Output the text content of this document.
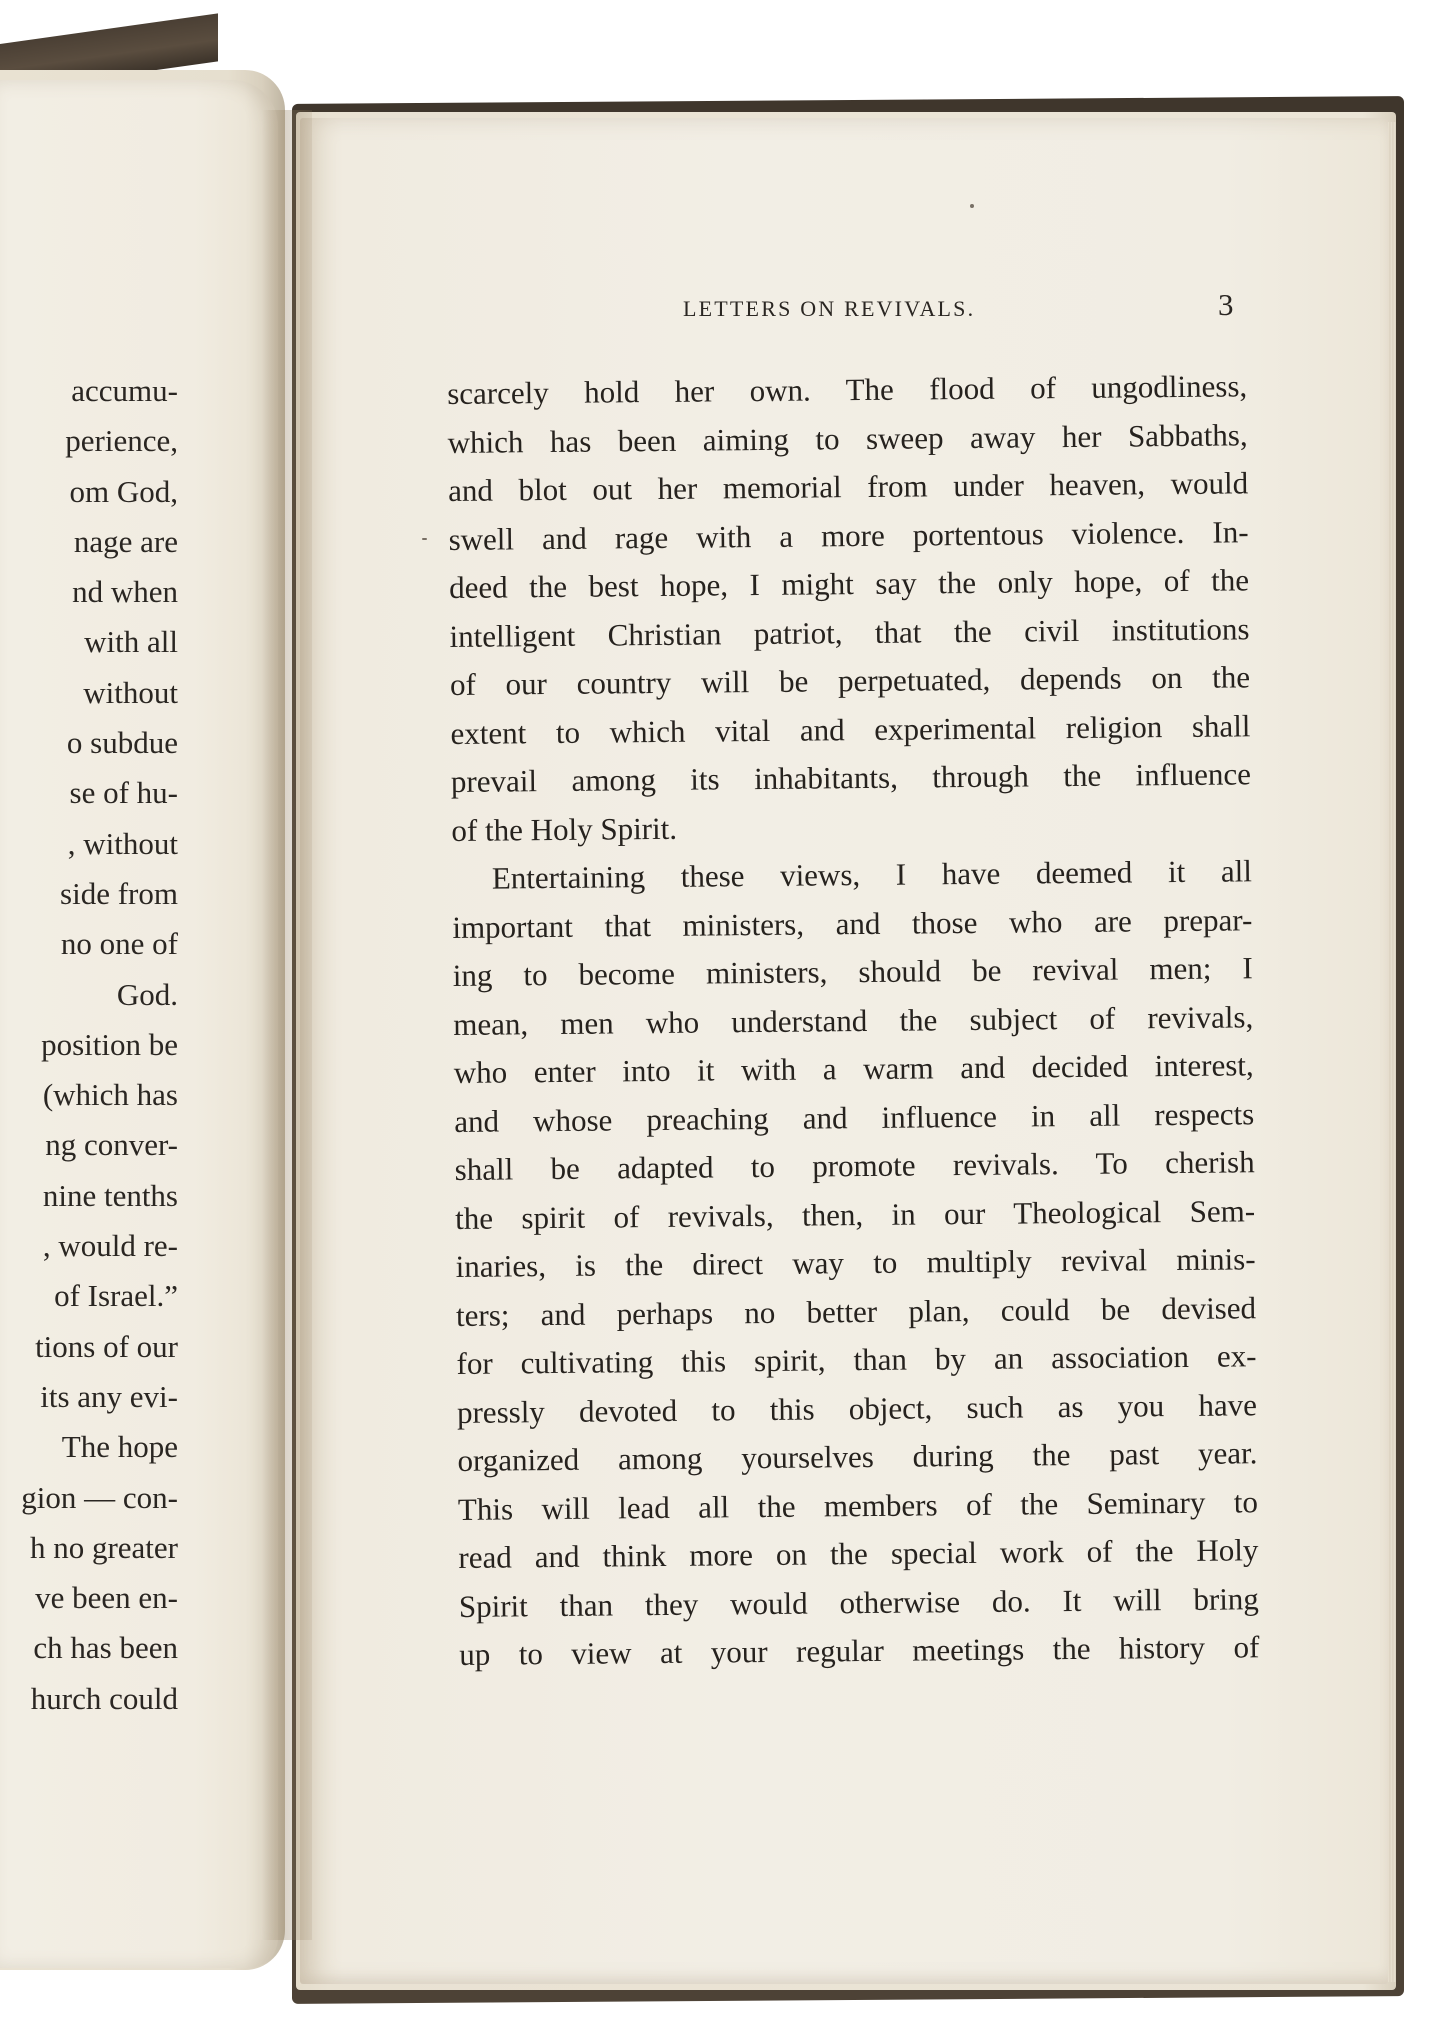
accumu-
perience,
om God,
nage are
nd when
with all
without
o subdue
se of hu-
, without
side from
no one of
God.
position be
(which has
ng conver-
nine tenths
, would re-
of Israel.”
tions of our
its any evi-
The hope
gion — con-
h no greater
ve been en-
ch has been
hurch could
LETTERS ON REVIVALS.	3
scarcely hold her own. The flood of ungodliness,
which has been aiming to sweep away her Sabbaths,
and blot out her memorial from under heaven, would
swell and rage with a more portentous violence. In-
deed the best hope, I might say the only hope, of the
intelligent Christian patriot, that the civil institutions
of our country will be perpetuated, depends on the
extent to which vital and experimental religion shall
prevail among its inhabitants, through the influence
of the Holy Spirit.
Entertaining these views, I have deemed it all
important that ministers, and those who are prepar-
ing to become ministers, should be revival men; I
mean, men who understand the subject of revivals,
who enter into it with a warm and decided interest,
and whose preaching and influence in all respects
shall be adapted to promote revivals. To cherish
the spirit of revivals, then, in our Theological Sem-
inaries, is the direct way to multiply revival minis-
ters; and perhaps no better plan, could be devised
for cultivating this spirit, than by an association ex-
pressly devoted to this object, such as you have
organized among yourselves during the past year.
This will lead all the members of the Seminary to
read and think more on the special work of the Holy
Spirit than they would otherwise do. It will bring
up to view at your regular meetings the history of
